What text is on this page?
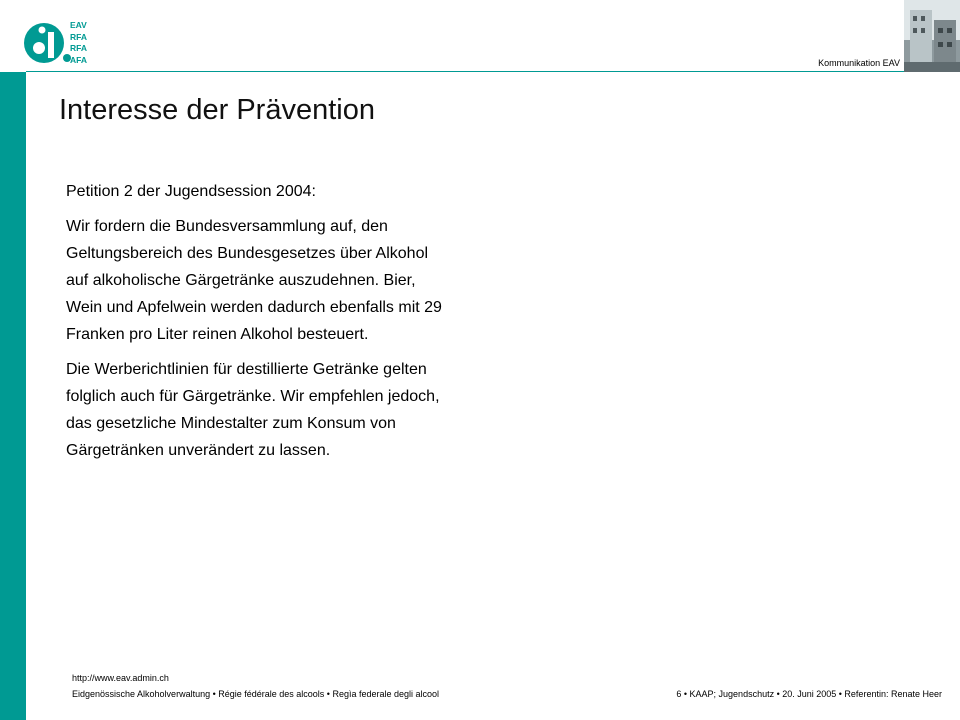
EAV
RFA
RFA
AFA	Kommunikation EAV
Interesse der Prävention

Petition 2 der Jugendsession 2004:

Wir fordern die Bundesversammlung auf, den Geltungsbereich des Bundesgesetzes über Alkohol auf alkoholische Gärgetränke auszudehnen. Bier, Wein und Apfelwein werden dadurch ebenfalls mit 29 Franken pro Liter reinen Alkohol besteuert.

Die Werberichtlinien für destillierte Getränke gelten folglich auch für Gärgetränke. Wir empfehlen jedoch, das gesetzliche Mindestalter zum Konsum von Gärgetränken unverändert zu lassen.

http://www.eav.admin.ch
Eidgenössische Alkoholverwaltung • Régie fédérale des alcools • Regìa federale degli alcool	6 • KAAP; Jugendschutz • 20. Juni 2005 • Referentin: Renate Heer
